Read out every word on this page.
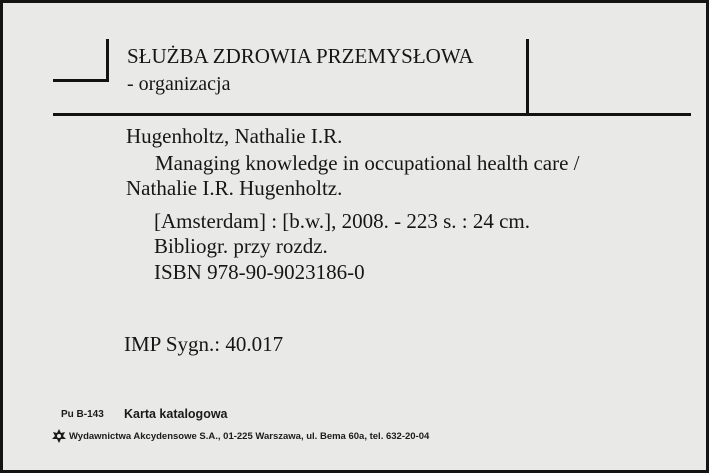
SŁUŻBA ZDROWIA PRZEMYSŁOWA
- organizacja
Hugenholtz, Nathalie I.R.
Managing knowledge in occupational health care /
Nathalie I.R. Hugenholtz.
[Amsterdam] : [b.w.], 2008. - 223 s. : 24 cm.
Bibliogr. przy rozdz.
ISBN 978-90-9023186-0
IMP Sygn.: 40.017
Pu B-143 Karta katalogowa
Wydawnictwa Akcydensowe S.A., 01-225 Warszawa, ul. Bema 60a, tel. 632-20-04
